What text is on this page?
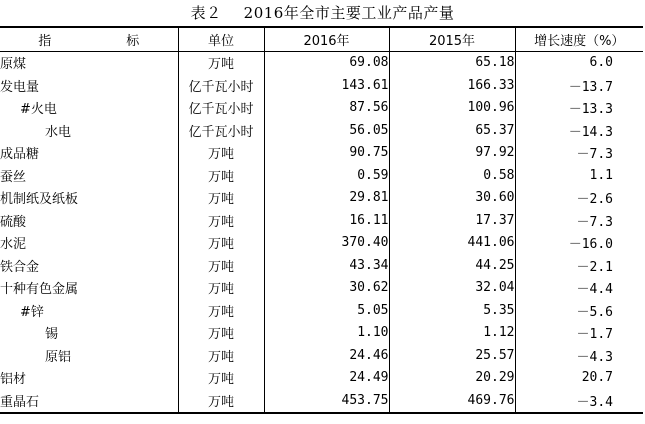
表２ 2016年全市主要工业产品产量
指 标	单位	2016年	2015年	增长速度（%）
原煤	万吨	69.08	65.18	6.0
发电量	亿千瓦小时	143.61	166.33	－13.7
#火电	亿千瓦小时	87.56	100.96	－13.3
水电	亿千瓦小时	56.05	65.37	－14.3
成品糖	万吨	90.75	97.92	－7.3
蚕丝	万吨	0.59	0.58	1.1
机制纸及纸板	万吨	29.81	30.60	－2.6
硫酸	万吨	16.11	17.37	－7.3
水泥	万吨	370.40	441.06	－16.0
铁合金	万吨	43.34	44.25	－2.1
十种有色金属	万吨	30.62	32.04	－4.4
#锌	万吨	5.05	5.35	－5.6
锡	万吨	1.10	1.12	－1.7
原铝	万吨	24.46	25.57	－4.3
铝材	万吨	24.49	20.29	20.7
重晶石	万吨	453.75	469.76	－3.4
